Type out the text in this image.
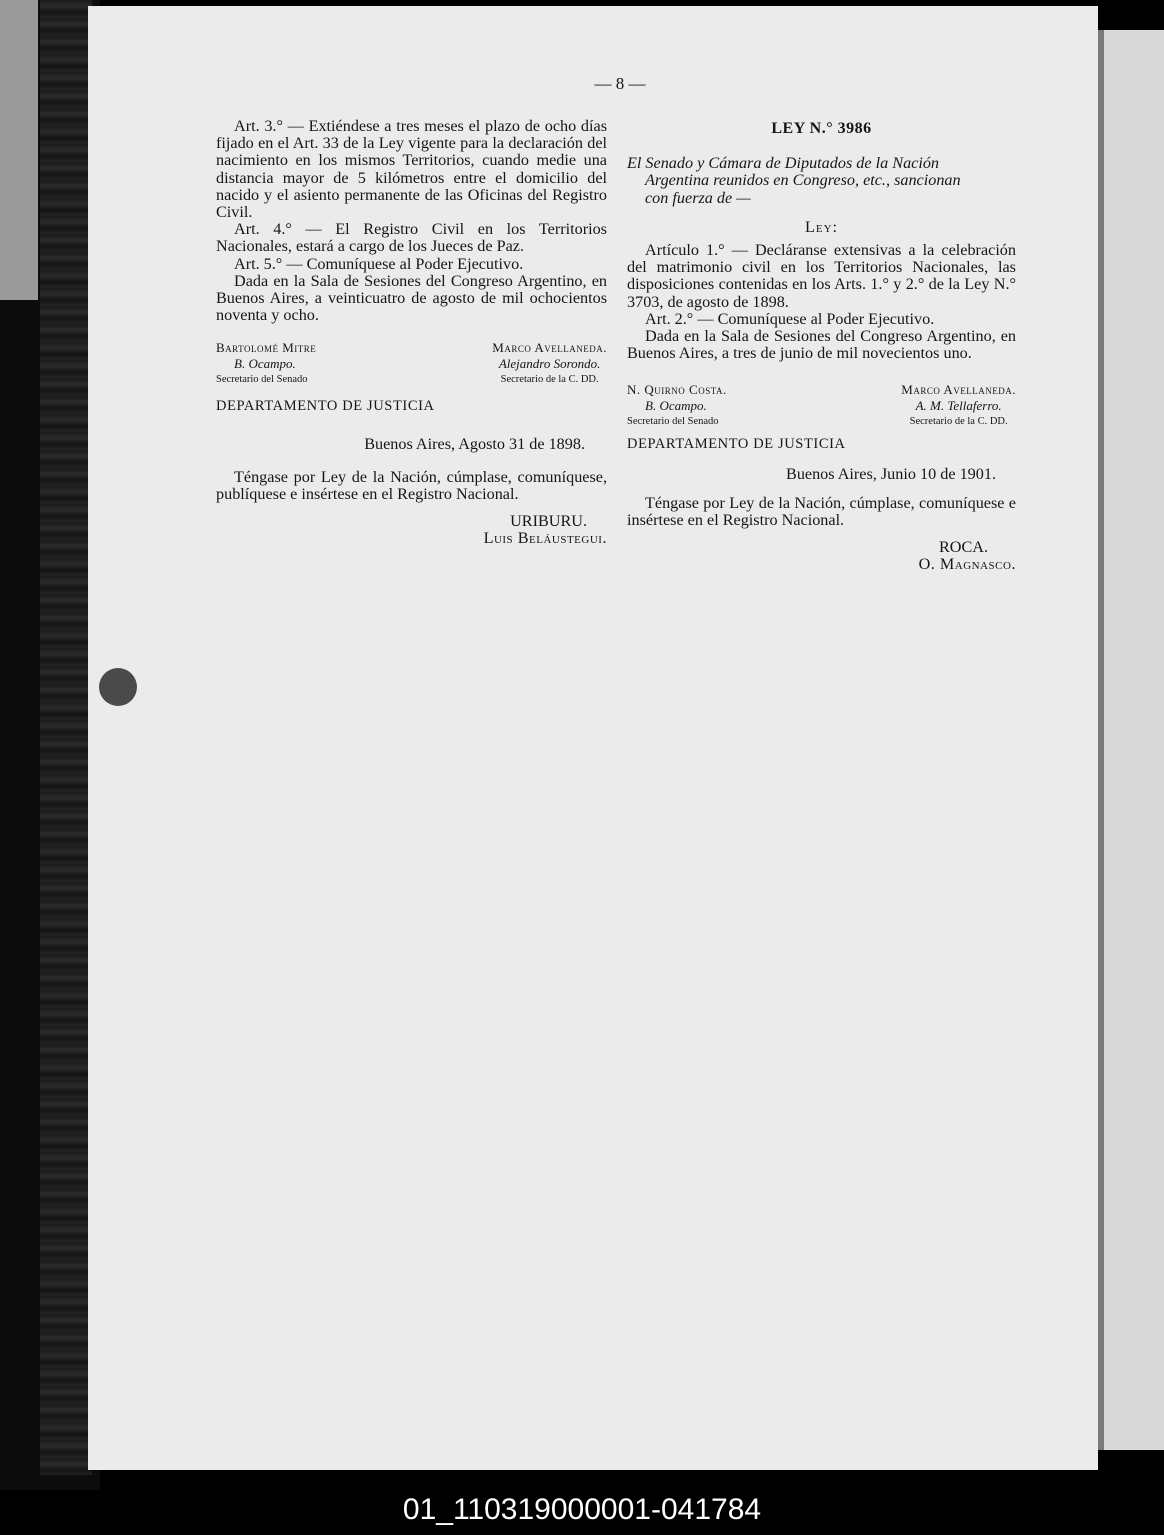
— 8 —

Art. 3.° — Extiéndese a tres meses el plazo de ocho días fijado en el Art. 33 de la Ley vigente para la declaración del nacimiento en los mismos Territorios, cuando medie una distancia mayor de 5 kilómetros entre el domicilio del nacido y el asiento permanente de las Oficinas del Registro Civil.

Art. 4.° — El Registro Civil en los Territorios Nacionales, estará a cargo de los Jueces de Paz.

Art. 5.° — Comuníquese al Poder Ejecutivo.

Dada en la Sala de Sesiones del Congreso Argentino, en Buenos Aires, a veinticuatro de agosto de mil ochocientos noventa y ocho.

Bartolomé Mitre
B. Ocampo.
Secretario del Senado
Marco Avellaneda.
Alejandro Sorondo.
Secretario de la C. DD.
DEPARTAMENTO DE JUSTICIA
Buenos Aires, Agosto 31 de 1898.

Téngase por Ley de la Nación, cúmplase, comuníquese, publíquese e insértese en el Registro Nacional.

URIBURU.
Luis Beláustegui.
LEY N.° 3986
El Senado y Cámara de Diputados de la Nación
Argentina reunidos en Congreso, etc., sancionan
con fuerza de —
Ley:

Artículo 1.° — Decláranse extensivas a la celebración del matrimonio civil en los Territorios Nacionales, las disposiciones contenidas en los Arts. 1.° y 2.° de la Ley N.° 3703, de agosto de 1898.

Art. 2.° — Comuníquese al Poder Ejecutivo.

Dada en la Sala de Sesiones del Congreso Argentino, en Buenos Aires, a tres de junio de mil novecientos uno.

N. Quirno Costa.
B. Ocampo.
Secretario del Senado
Marco Avellaneda.
A. M. Tellaferro.
Secretario de la C. DD.
DEPARTAMENTO DE JUSTICIA
Buenos Aires, Junio 10 de 1901.

Téngase por Ley de la Nación, cúmplase, comuníquese e insértese en el Registro Nacional.

ROCA.
O. Magnasco.
01_110319000001-041784
